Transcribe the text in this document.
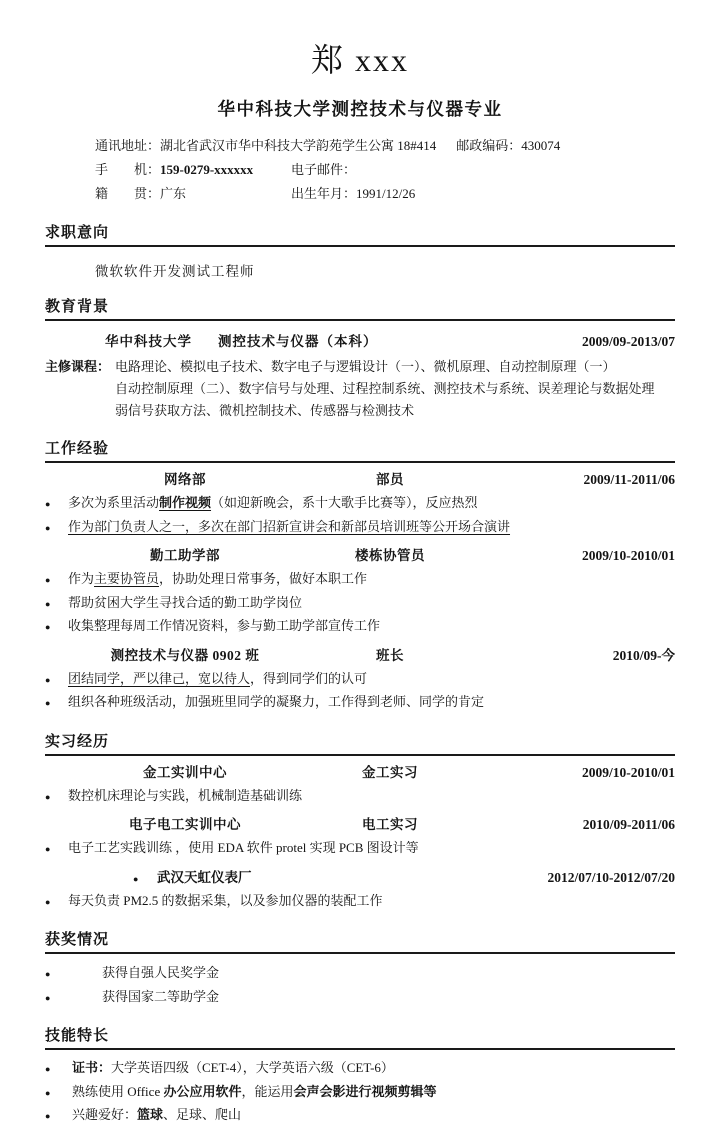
郑 xxx
华中科技大学测控技术与仪器专业
通讯地址： 湖北省武汉市华中科技大学韵苑学生公寓 18#414 邮政编码： 430074
手　　机：159-0279-xxxxxx	电子邮件：
籍　　贯：广东	出生年月： 1991/12/26
求职意向
微软软件开发测试工程师
教育背景
华中科技大学 测控技术与仪器（本科）	2009/09-2013/07
主修课程： 电路理论、模拟电子技术、数字电子与逻辑设计（一）、微机原理、自动控制原理（一）
自动控制原理（二）、数字信号与处理、过程控制系统、测控技术与系统、误差理论与数据处理
弱信号获取方法、微机控制技术、传感器与检测技术
工作经验
网络部	部员	2009/11-2011/06
●	多次为系里活动制作视频（如迎新晚会，系十大歌手比赛等），反应热烈
●	作为部门负责人之一，多次在部门招新宣讲会和新部员培训班等公开场合演讲
勤工助学部	楼栋协管员	2009/10-2010/01
●	作为主要协管员，协助处理日常事务，做好本职工作
●	帮助贫困大学生寻找合适的勤工助学岗位
●	收集整理每周工作情况资料，参与勤工助学部宣传工作
测控技术与仪器 0902 班	班长	2010/09-今
●	团结同学，严以律己，宽以待人，得到同学们的认可
●	组织各种班级活动，加强班里同学的凝聚力，工作得到老师、同学的肯定
实习经历
金工实训中心	金工实习	2009/10-2010/01
●	数控机床理论与实践，机械制造基础训练
电子电工实训中心	电工实习	2010/09-2011/06
●	电子工艺实践训练 ，使用 EDA 软件 protel 实现 PCB 图设计等
●	武汉天虹仪表厂	2012/07/10-2012/07/20
●	每天负责 PM2.5 的数据采集，以及参加仪器的装配工作
获奖情况
●	获得自强人民奖学金
●	获得国家二等助学金
技能特长
●	证书：大学英语四级（CET-4），大学英语六级（CET-6）
●	熟练使用 Office 办公应用软件，能运用会声会影进行视频剪辑等
●	兴趣爱好：篮球、足球、爬山
